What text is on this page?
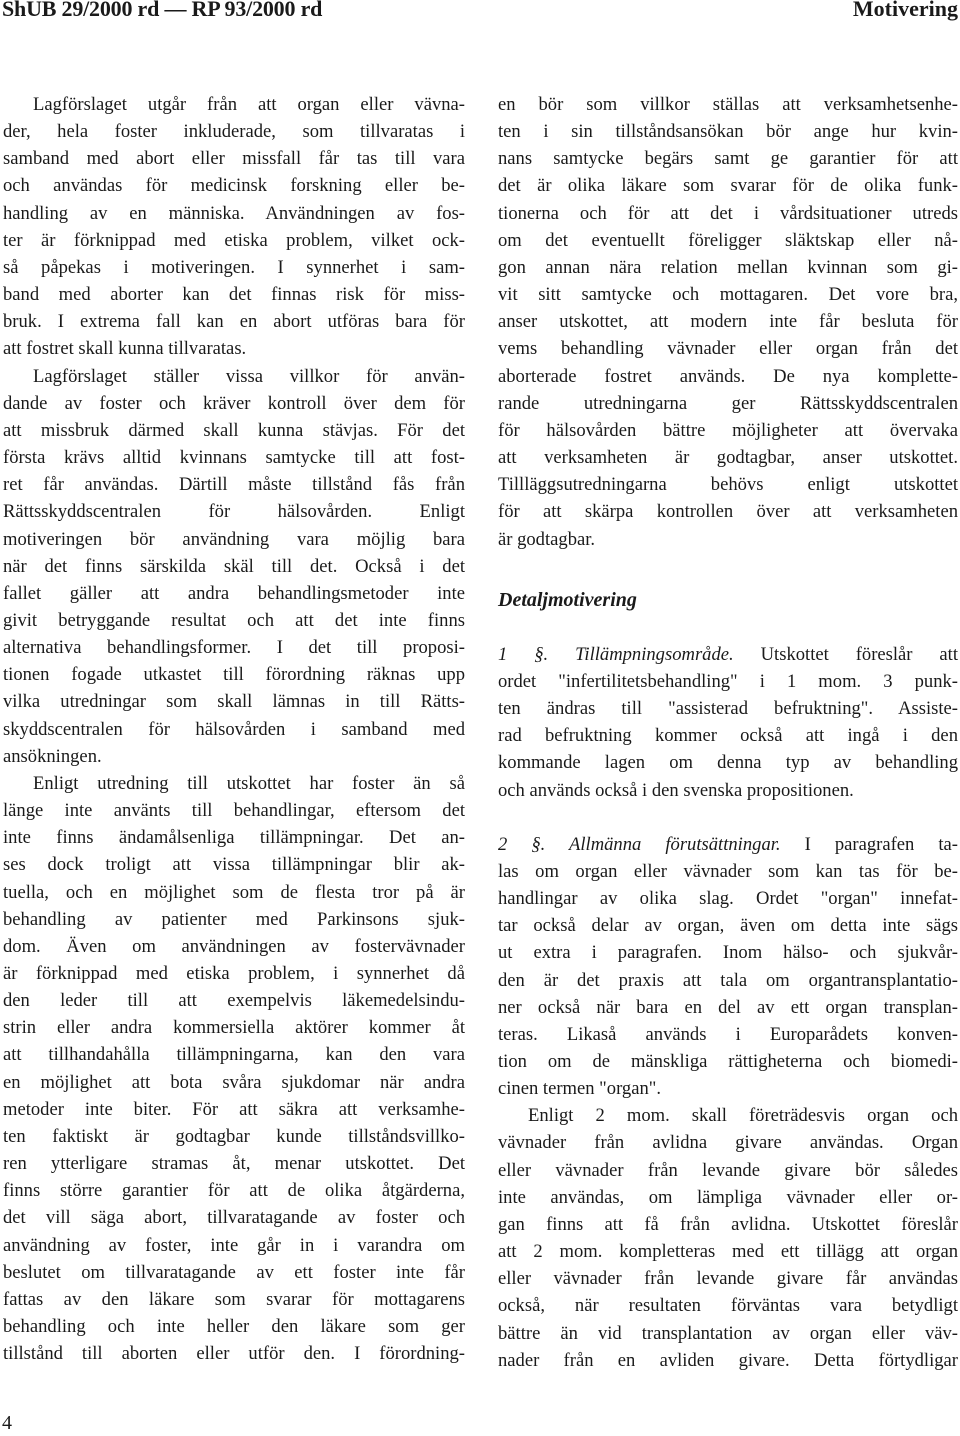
ShUB 29/2000 rd — RP 93/2000 rd	Motivering

Lagförslaget utgår från att organ eller vävna-
der, hela foster inkluderade, som tillvaratas i
samband med abort eller missfall får tas till vara
och användas för medicinsk forskning eller be-
handling av en människa. Användningen av fos-
ter är förknippad med etiska problem, vilket ock-
så påpekas i motiveringen. I synnerhet i sam-
band med aborter kan det finnas risk för miss-
bruk. I extrema fall kan en abort utföras bara för
att fostret skall kunna tillvaratas.

Lagförslaget ställer vissa villkor för använ-
dande av foster och kräver kontroll över dem för
att missbruk därmed skall kunna stävjas. För det
första krävs alltid kvinnans samtycke till att fost-
ret får användas. Därtill måste tillstånd fås från
Rättsskyddscentralen för hälsovården. Enligt
motiveringen bör användning vara möjlig bara
när det finns särskilda skäl till det. Också i det
fallet gäller att andra behandlingsmetoder inte
givit betryggande resultat och att det inte finns
alternativa behandlingsformer. I det till proposi-
tionen fogade utkastet till förordning räknas upp
vilka utredningar som skall lämnas in till Rätts-
skyddscentralen för hälsovården i samband med
ansökningen.

Enligt utredning till utskottet har foster än så
länge inte använts till behandlingar, eftersom det
inte finns ändamålsenliga tillämpningar. Det an-
ses dock troligt att vissa tillämpningar blir ak-
tuella, och en möjlighet som de flesta tror på är
behandling av patienter med Parkinsons sjuk-
dom. Även om användningen av fostervävnader
är förknippad med etiska problem, i synnerhet då
den leder till att exempelvis läkemedelsindu-
strin eller andra kommersiella aktörer kommer åt
att tillhandahålla tillämpningarna, kan den vara
en möjlighet att bota svåra sjukdomar när andra
metoder inte biter. För att säkra att verksamhe-
ten faktiskt är godtagbar kunde tillståndsvillko-
ren ytterligare stramas åt, menar utskottet. Det
finns större garantier för att de olika åtgärderna,
det vill säga abort, tillvaratagande av foster och
användning av foster, inte går in i varandra om
beslutet om tillvaratagande av ett foster inte får
fattas av den läkare som svarar för mottagarens
behandling och inte heller den läkare som ger
tillstånd till aborten eller utför den. I förordning-

en bör som villkor ställas att verksamhetsenhe-
ten i sin tillståndsansökan bör ange hur kvin-
nans samtycke begärs samt ge garantier för att
det är olika läkare som svarar för de olika funk-
tionerna och för att det i vårdsituationer utreds
om det eventuellt föreligger släktskap eller nå-
gon annan nära relation mellan kvinnan som gi-
vit sitt samtycke och mottagaren. Det vore bra,
anser utskottet, att modern inte får besluta för
vems behandling vävnader eller organ från det
aborterade fostret används. De nya komplette-
rande utredningarna ger Rättsskyddscentralen
för hälsovården bättre möjligheter att övervaka
att verksamheten är godtagbar, anser utskottet.
Tillläggsutredningarna behövs enligt utskottet
för att skärpa kontrollen över att verksamheten
är godtagbar.

Detaljmotivering

1 §. Tillämpningsområde. Utskottet föreslår att
ordet "infertilitetsbehandling" i 1 mom. 3 punk-
ten ändras till "assisterad befruktning". Assiste-
rad befruktning kommer också att ingå i den
kommande lagen om denna typ av behandling
och används också i den svenska propositionen.

2 §. Allmänna förutsättningar. I paragrafen ta-
las om organ eller vävnader som kan tas för be-
handlingar av olika slag. Ordet "organ" innefat-
tar också delar av organ, även om detta inte sägs
ut extra i paragrafen. Inom hälso- och sjukvår-
den är det praxis att tala om organtransplantatio-
ner också när bara en del av ett organ transplan-
teras. Likaså används i Europarådets konven-
tion om de mänskliga rättigheterna och biomedi-
cinen termen "organ".

Enligt 2 mom. skall företrädesvis organ och
vävnader från avlidna givare användas. Organ
eller vävnader från levande givare bör således
inte användas, om lämpliga vävnader eller or-
gan finns att få från avlidna. Utskottet föreslår
att 2 mom. kompletteras med ett tillägg att organ
eller vävnader från levande givare får användas
också, när resultaten förväntas vara betydligt
bättre än vid transplantation av organ eller väv-
nader från en avliden givare. Detta förtydligar

4
